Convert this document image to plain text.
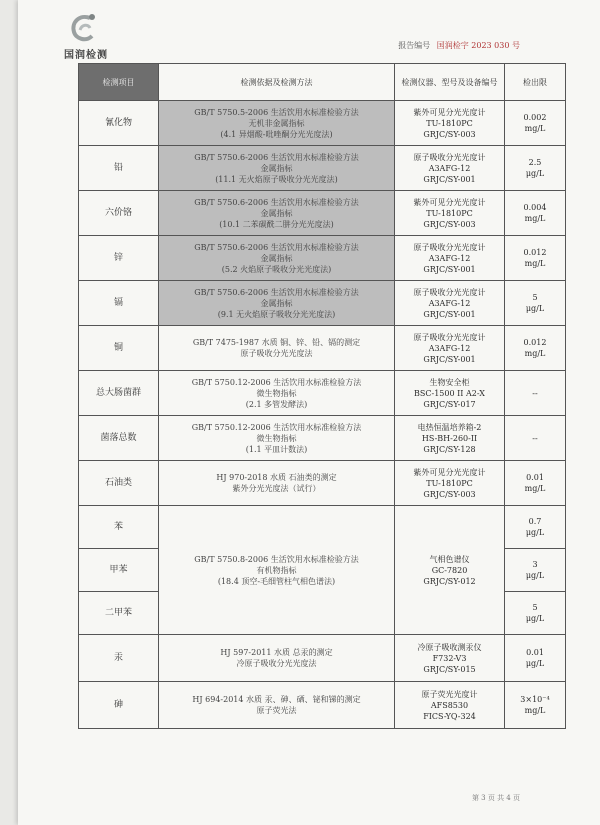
国润检测
报告编号 国润检字 2023 030 号
检测项目	检测依据及检测方法	检测仪器、型号及设备编号	检出限
氰化物	GB/T 5750.5-2006 生活饮用水标准检验方法
无机非金属指标
(4.1 异烟酸-吡唑酮分光光度法)	紫外可见分光光度计
TU-1810PC
GRJC/SY-003	0.002
mg/L

铅	GB/T 5750.6-2006 生活饮用水标准检验方法
金属指标
(11.1 无火焰原子吸收分光光度法)	原子吸收分光光度计
A3AFG-12
GRJC/SY-001	2.5
μg/L

六价铬	GB/T 5750.6-2006 生活饮用水标准检验方法
金属指标
(10.1 二苯碳酰二肼分光光度法)	紫外可见分光光度计
TU-1810PC
GRJC/SY-003	0.004
mg/L

锌	GB/T 5750.6-2006 生活饮用水标准检验方法
金属指标
(5.2 火焰原子吸收分光光度法)	原子吸收分光光度计
A3AFG-12
GRJC/SY-001	0.012
mg/L

镉	GB/T 5750.6-2006 生活饮用水标准检验方法
金属指标
(9.1 无火焰原子吸收分光光度法)	原子吸收分光光度计
A3AFG-12
GRJC/SY-001	5
μg/L

铜	GB/T 7475-1987 水质 铜、锌、铅、镉的测定
原子吸收分光光度法	原子吸收分光光度计
A3AFG-12
GRJC/SY-001	0.012
mg/L

总大肠菌群	GB/T 5750.12-2006 生活饮用水标准检验方法
微生物指标
(2.1 多管发酵法)	生物安全柜
BSC-1500 II A2-X
GRJC/SY-017	--

菌落总数	GB/T 5750.12-2006 生活饮用水标准检验方法
微生物指标
(1.1 平皿计数法)	电热恒温培养箱-2
HS-BH-260-II
GRJC/SY-128	--

石油类	HJ 970-2018 水质 石油类的测定
紫外分光光度法（试行）	紫外可见分光光度计
TU-1810PC
GRJC/SY-003	0.01
mg/L

苯	GB/T 5750.8-2006 生活饮用水标准检验方法
有机物指标
(18.4 顶空-毛细管柱气相色谱法)	气相色谱仪
GC-7820
GRJC/SY-012	0.7
μg/L

甲苯			3
μg/L

二甲苯			5
μg/L

汞	HJ 597-2011 水质 总汞的测定
冷原子吸收分光光度法	冷原子吸收测汞仪
F732-V3
GRJC/SY-015	0.01
μg/L

砷	HJ 694-2014 水质 汞、砷、硒、铋和锑的测定
原子荧光法	原子荧光光度计
AFS8530
FICS-YQ-324	3×10⁻⁴
mg/L
第 3 页 共 4 页
